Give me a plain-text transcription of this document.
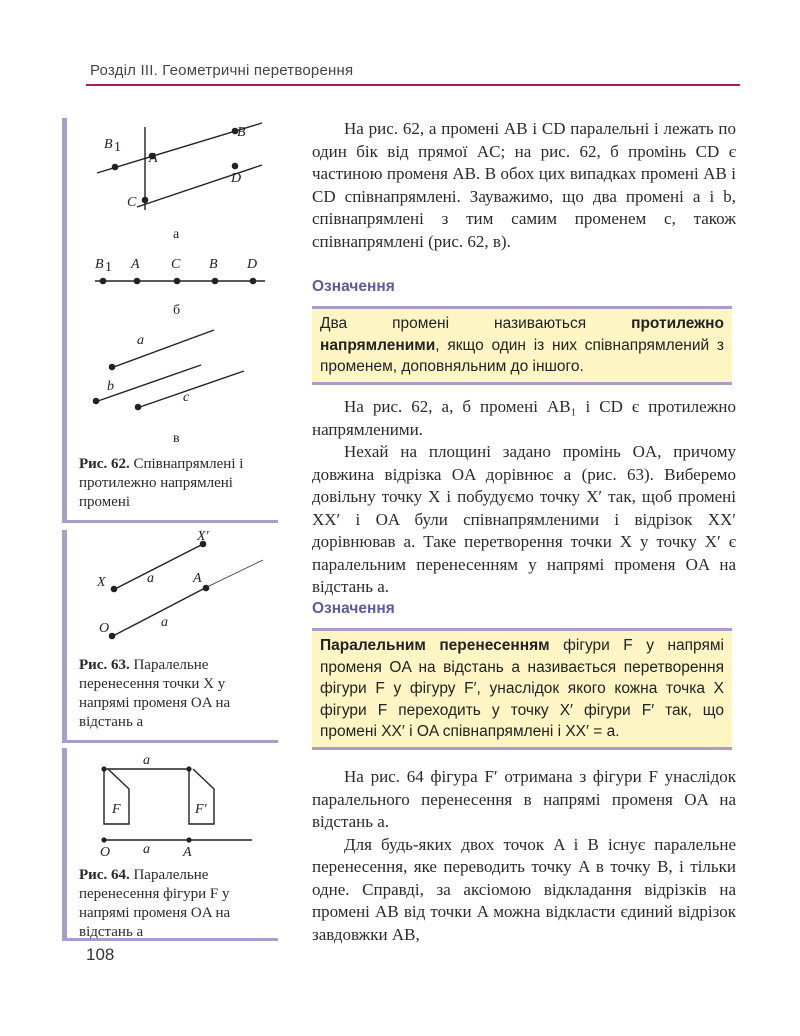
Розділ ІІІ. Геометричні перетворення
B 1
A
B
C
D
а
B 1 A C B D
б
a
b
c
в
Рис. 62. Співнапрямлені і протилежно напрямлені промені
X′
X	a	A
O	a
Рис. 63. Паралельне перенесення точки X у напрямі променя OA на відстань a
a
F	F′
O a A
Рис. 64. Паралельне перенесення фігури F у напрямі променя OA на відстань a

На рис. 62, а промені AB і CD паралельні і лежать по один бік від прямої AC; на рис. 62, б промінь CD є частиною променя AB. В обох цих випадках промені AB і CD співнапрямлені. Зауважимо, що два промені a і b, співнапрямлені з тим самим променем c, також співнапрямлені (рис. 62, в).

Означення
Два промені називаються	протилежно напрямленими, якщо один із них співнапрямлений з променем, доповняльним до іншого.

На рис. 62, а, б промені AB₁ і CD є протилежно напрямленими.

Нехай на площині задано промінь OA, причому довжина відрізка OA дорівнює a (рис. 63). Виберемо довільну точку X і побудуємо точку X′ так, щоб промені XX′ і OA були співнапрямленими і відрізок XX′ дорівнював a. Таке перетворення точки X у точку X′ є паралельним перенесенням у напрямі променя OA на відстань a.

Означення
Паралельним перенесенням фігури F у напрямі променя OA на відстань a називається перетворення фігури F у фігуру F′, унаслідок якого кожна точка X фігури F переходить у точку X′ фігури F′ так, що промені XX′ і OA співнапрямлені і XX′ = a.

На рис. 64 фігура F′ отримана з фігури F унаслідок паралельного перенесення в напрямі променя OA на відстань a.

Для будь-яких двох точок A і B існує паралельне перенесення, яке переводить точку A в точку B, і тільки одне. Справді, за аксіомою відкладання відрізків на промені AB від точки A можна відкласти єдиний відрізок завдовжки AB,

108
